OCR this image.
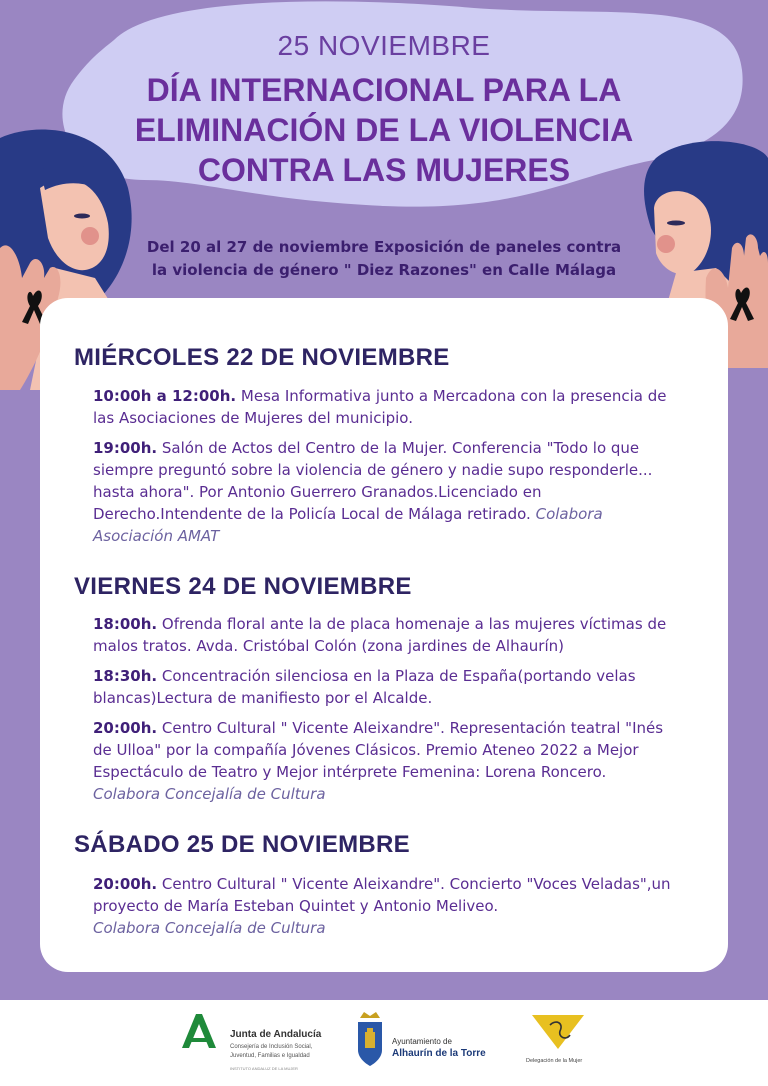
25 NOVIEMBRE
DÍA INTERNACIONAL PARA LA
ELIMINACIÓN DE LA VIOLENCIA
CONTRA LAS MUJERES
Del 20 al 27 de noviembre Exposición de paneles contra
la violencia de género " Diez Razones" en Calle Málaga
MIÉRCOLES 22 DE NOVIEMBRE
10:00h a 12:00h. Mesa Informativa junto a Mercadona con la presencia de las Asociaciones de Mujeres del municipio.
19:00h. Salón de Actos del Centro de la Mujer. Conferencia "Todo lo que siempre preguntó sobre la violencia de género y nadie supo responderle... hasta ahora". Por Antonio Guerrero Granados.Licenciado en Derecho.Intendente de la Policía Local de Málaga retirado. Colabora Asociación AMAT
VIERNES 24 DE NOVIEMBRE
18:00h. Ofrenda floral ante la de placa homenaje a las mujeres víctimas de malos tratos. Avda. Cristóbal Colón (zona jardines de Alhaurín)
18:30h. Concentración silenciosa en la Plaza de España(portando velas blancas)Lectura de manifiesto por el Alcalde.
20:00h. Centro Cultural " Vicente Aleixandre". Representación teatral "Inés de Ulloa" por la compañía Jóvenes Clásicos. Premio Ateneo 2022 a Mejor Espectáculo de Teatro y Mejor intérprete Femenina: Lorena Roncero.
Colabora Concejalía de Cultura
SÁBADO 25 DE NOVIEMBRE
20:00h. Centro Cultural " Vicente Aleixandre". Concierto "Voces Veladas",un proyecto de María Esteban Quintet y Antonio Meliveo.
Colabora Concejalía de Cultura
Junta de Andalucía
Consejería de Inclusión Social,
Juventud, Familias e Igualdad
INSTITUTO ANDALUZ DE LA MUJER
Ayuntamiento de
Alhaurín de la Torre
Delegación de la Mujer
